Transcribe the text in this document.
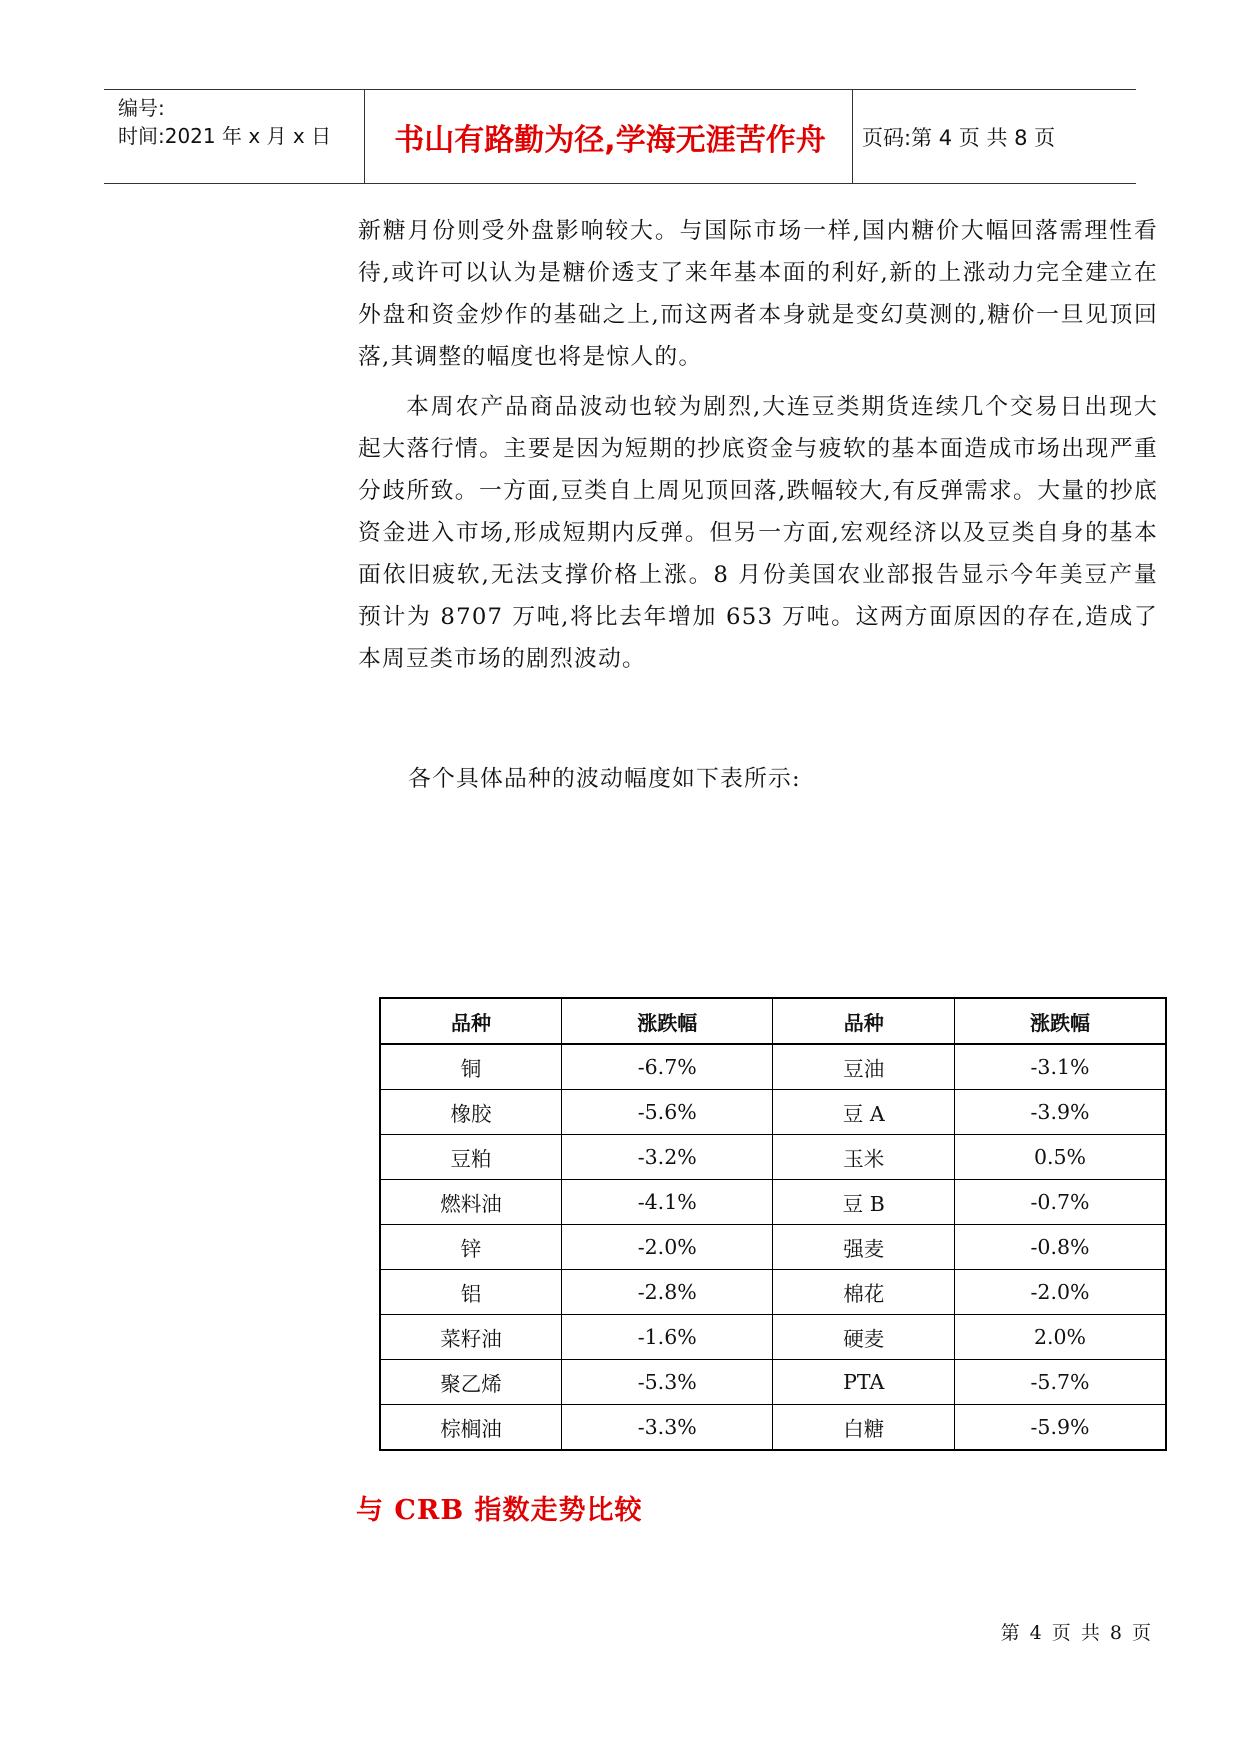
编号:
时间:2021 年 x 月 x 日	书山有路勤为径,学海无涯苦作舟	页码:第 4 页 共 8 页

新糖月份则受外盘影响较大。与国际市场一样,国内糖价大幅回落需理性看待,或许可以认为是糖价透支了来年基本面的利好,新的上涨动力完全建立在外盘和资金炒作的基础之上,而这两者本身就是变幻莫测的,糖价一旦见顶回落,其调整的幅度也将是惊人的。

本周农产品商品波动也较为剧烈,大连豆类期货连续几个交易日出现大起大落行情。主要是因为短期的抄底资金与疲软的基本面造成市场出现严重分歧所致。一方面,豆类自上周见顶回落,跌幅较大,有反弹需求。大量的抄底资金进入市场,形成短期内反弹。但另一方面,宏观经济以及豆类自身的基本面依旧疲软,无法支撑价格上涨。8 月份美国农业部报告显示今年美豆产量预计为 8707 万吨,将比去年增加 653 万吨。这两方面原因的存在,造成了本周豆类市场的剧烈波动。

各个具体品种的波动幅度如下表所示:
品种	涨跌幅	品种	涨跌幅
铜	-6.7%	豆油	-3.1%
橡胶	-5.6%	豆 A	-3.9%
豆粕	-3.2%	玉米	0.5%
燃料油	-4.1%	豆 B	-0.7%
锌	-2.0%	强麦	-0.8%
铝	-2.8%	棉花	-2.0%
菜籽油	-1.6%	硬麦	2.0%
聚乙烯	-5.3%	PTA	-5.7%
棕榈油	-3.3%	白糖	-5.9%
与 CRB 指数走势比较
第 4 页 共 8 页
